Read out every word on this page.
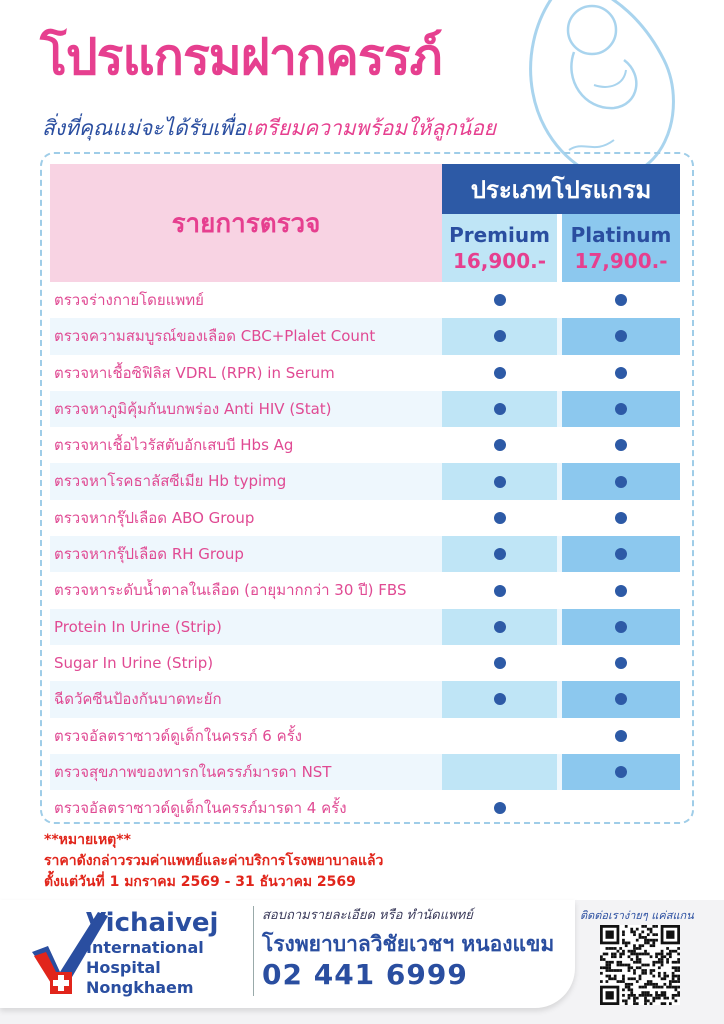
โปรแกรมฝากครรภ์

สิ่งที่คุณแม่จะได้รับเพื่อเตรียมความพร้อมให้ลูกน้อย

รายการตรวจ
ประเภทโปรแกรม
Premium
16,900.-
Platinum
17,900.-
ตรวจร่างกายโดยแพทย์
ตรวจความสมบูรณ์ของเลือด CBC+Plalet Count
ตรวจหาเชื้อซิฟิลิส VDRL (RPR) in Serum
ตรวจหาภูมิคุ้มกันบกพร่อง Anti HIV (Stat)
ตรวจหาเชื้อไวรัสตับอักเสบบี Hbs Ag
ตรวจหาโรคธาลัสซีเมีย Hb typimg
ตรวจหากรุ๊ปเลือด ABO Group
ตรวจหากรุ๊ปเลือด RH Group
ตรวจหาระดับน้ำตาลในเลือด (อายุมากกว่า 30 ปี) FBS
Protein In Urine (Strip)
Sugar In Urine (Strip)
ฉีดวัคซีนป้องกันบาดทะยัก
ตรวจอัลตราซาวด์ดูเด็กในครรภ์ 6 ครั้ง
ตรวจสุขภาพของทารกในครรภ์มารดา NST
ตรวจอัลตราซาวด์ดูเด็กในครรภ์มารดา 4 ครั้ง
**หมายเหตุ**
ราคาดังกล่าวรวมค่าแพทย์และค่าบริการโรงพยาบาลแล้ว
ตั้งแต่วันที่ 1 มกราคม 2569 - 31 ธันวาคม 2569
Vichaivej
International
Hospital
Nongkhaem
สอบถามรายละเอียด หรือ ทำนัดแพทย์
โรงพยาบาลวิชัยเวชฯ หนองแขม
02 441 6999
ติดต่อเราง่ายๆ แค่สแกน
